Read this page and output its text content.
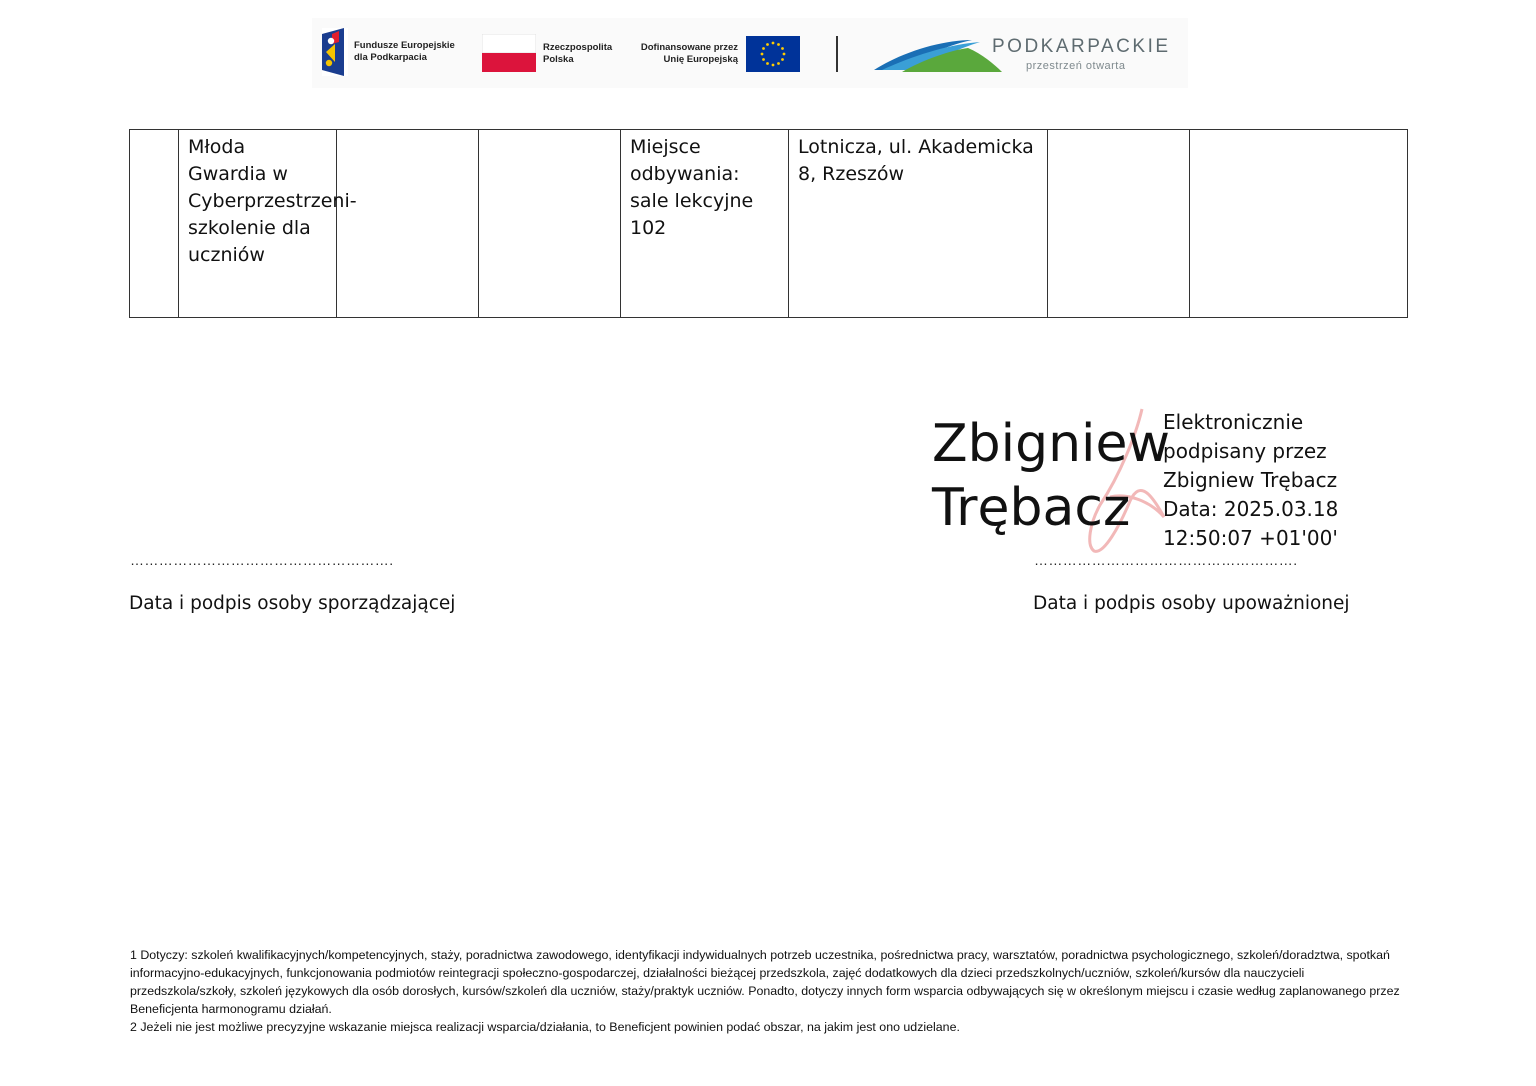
Fundusze Europejskie
dla Podkarpacia
Rzeczpospolita
Polska
Dofinansowane przez
Unię Europejską
PODKARPACKIE
przestrzeń otwarta
	Młoda Gwardia w Cyberprzestrzeni- szkolenie dla uczniów			Miejsce odbywania: sale lekcyjne 102	Lotnicza, ul. Akademicka 8, Rzeszów		
Zbigniew
Trębacz
Elektronicznie
podpisany przez
Zbigniew Trębacz
Data: 2025.03.18
12:50:07 +01'00'
……………………………………………….	……………………………………………….
Data i podpis osoby sporządzającej	Data i podpis osoby upoważnionej

1 Dotyczy: szkoleń kwalifikacyjnych/kompetencyjnych, staży, poradnictwa zawodowego, identyfikacji indywidualnych potrzeb uczestnika, pośrednictwa pracy, warsztatów, poradnictwa psychologicznego, szkoleń/doradztwa, spotkań informacyjno-edukacyjnych, funkcjonowania podmiotów reintegracji społeczno-gospodarczej, działalności bieżącej przedszkola, zajęć dodatkowych dla dzieci przedszkolnych/uczniów, szkoleń/kursów dla nauczycieli przedszkola/szkoły, szkoleń językowych dla osób dorosłych, kursów/szkoleń dla uczniów, staży/praktyk uczniów. Ponadto, dotyczy innych form wsparcia odbywających się w określonym miejscu i czasie według zaplanowanego przez Beneficjenta harmonogramu działań.

2 Jeżeli nie jest możliwe precyzyjne wskazanie miejsca realizacji wsparcia/działania, to Beneficjent powinien podać obszar, na jakim jest ono udzielane.
